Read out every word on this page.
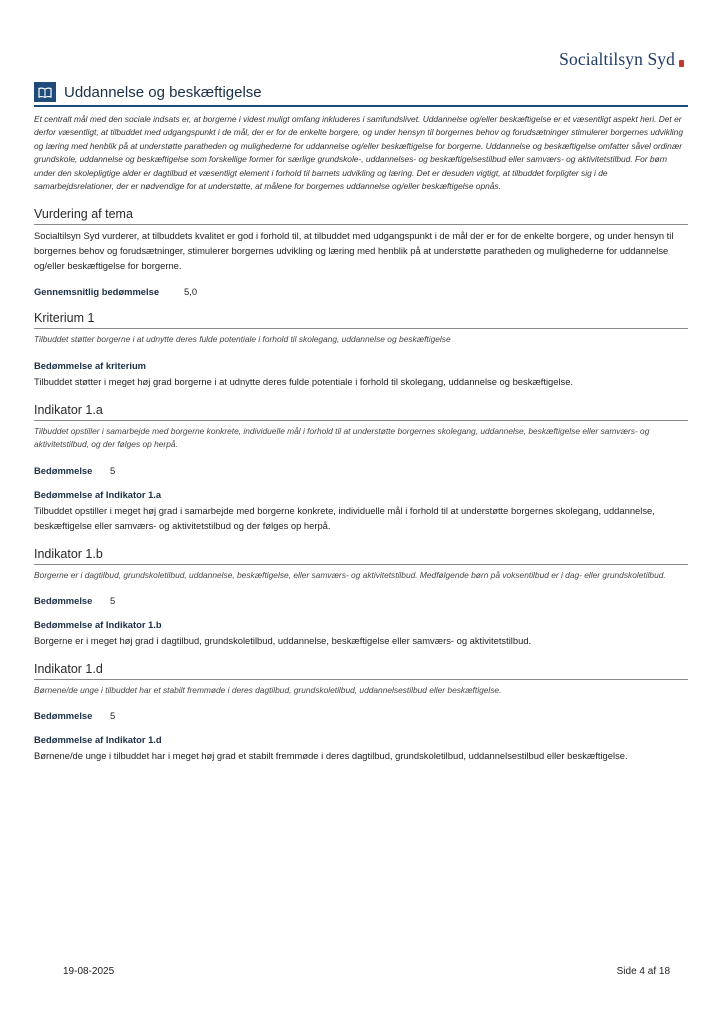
Socialtilsyn Syd
Uddannelse og beskæftigelse
Et centralt mål med den sociale indsats er, at borgerne i videst muligt omfang inkluderes i samfundslivet. Uddannelse og/eller beskæftigelse er et væsentligt aspekt heri. Det er derfor væsentligt, at tilbuddet med udgangspunkt i de mål, der er for de enkelte borgere, og under hensyn til borgernes behov og forudsætninger stimulerer borgernes udvikling og læring med henblik på at understøtte paratheden og mulighederne for uddannelse og/eller beskæftigelse for borgerne. Uddannelse og beskæftigelse omfatter såvel ordinær grundskole, uddannelse og beskæftigelse som forskellige former for særlige grundskole-, uddannelses- og beskæftigelsestilbud eller samværs- og aktivitetstilbud. For børn under den skolepligtige alder er dagtilbud et væsentligt element i forhold til barnets udvikling og læring. Det er desuden vigtigt, at tilbuddet forpligter sig i de samarbejdsrelationer, der er nødvendige for at understøtte, at målene for borgernes uddannelse og/eller beskæftigelse opnås.
Vurdering af tema
Socialtilsyn Syd vurderer, at tilbuddets kvalitet er god i forhold til, at tilbuddet med udgangspunkt i de mål der er for de enkelte borgere, og under hensyn til borgernes behov og forudsætninger, stimulerer borgernes udvikling og læring med henblik på at understøtte paratheden og mulighederne for uddannelse og/eller beskæftigelse for borgerne.
Gennemsnitlig bedømmelse	5,0
Kriterium 1
Tilbuddet støtter borgerne i at udnytte deres fulde potentiale i forhold til skolegang, uddannelse og beskæftigelse
Bedømmelse af kriterium
Tilbuddet støtter i meget høj grad borgerne i at udnytte deres fulde potentiale i forhold til skolegang, uddannelse og beskæftigelse.
Indikator 1.a
Tilbuddet opstiller i samarbejde med borgerne konkrete, individuelle mål i forhold til at understøtte borgernes skolegang, uddannelse, beskæftigelse eller samværs- og aktivitetstilbud, og der følges op herpå.
Bedømmelse	5
Bedømmelse af Indikator 1.a
Tilbuddet opstiller i meget høj grad i samarbejde med borgerne konkrete, individuelle mål i forhold til at understøtte borgernes skolegang, uddannelse, beskæftigelse eller samværs- og aktivitetstilbud og der følges op herpå.
Indikator 1.b
Borgerne er i dagtilbud, grundskoletilbud, uddannelse, beskæftigelse, eller samværs- og aktivitetstilbud. Medfølgende børn på voksentilbud er i dag- eller grundskoletilbud.
Bedømmelse	5
Bedømmelse af Indikator 1.b
Borgerne er i meget høj grad i dagtilbud, grundskoletilbud, uddannelse, beskæftigelse eller samværs- og aktivitetstilbud.
Indikator 1.d
Børnene/de unge i tilbuddet har et stabilt fremmøde i deres dagtilbud, grundskoletilbud, uddannelsestilbud eller beskæftigelse.
Bedømmelse	5
Bedømmelse af Indikator 1.d
Børnene/de unge i tilbuddet har i meget høj grad et stabilt fremmøde i deres dagtilbud, grundskoletilbud, uddannelsestilbud eller beskæftigelse.
19-08-2025	Side 4 af 18
